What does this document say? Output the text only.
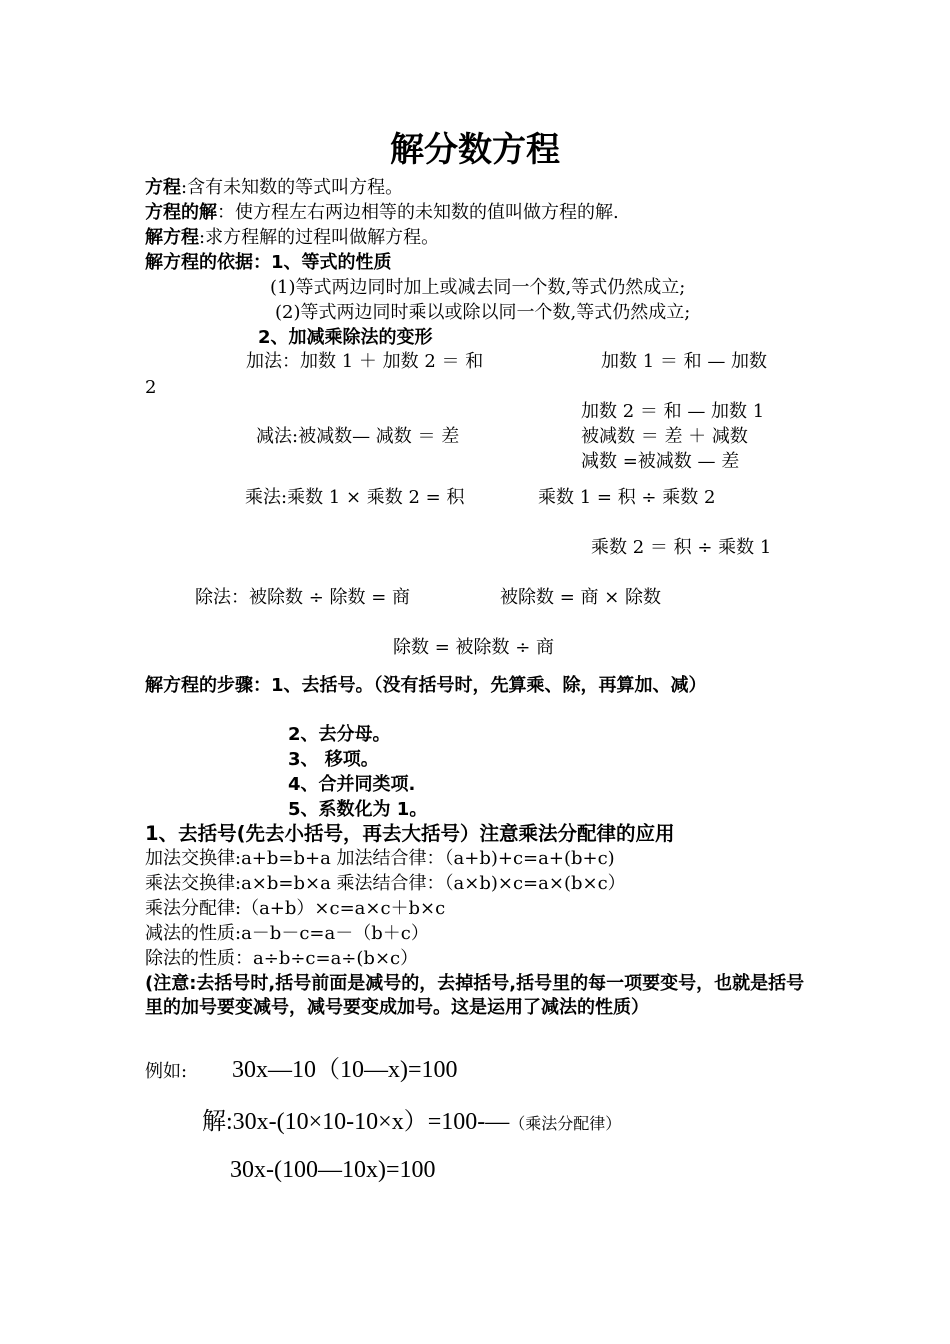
解分数方程
方程:含有未知数的等式叫方程。
方程的解：使方程左右两边相等的未知数的值叫做方程的解.
解方程:求方程解的过程叫做解方程。
解方程的依据：1、等式的性质
(1)等式两边同时加上或减去同一个数,等式仍然成立;
(2)等式两边同时乘以或除以同一个数,等式仍然成立;
2、加减乘除法的变形
加法：加数 1 ＋ 加数 2 ＝ 和	加数 1 ＝ 和 — 加数
2
加数 2 ＝ 和 — 加数 1
减法:被减数— 减数 ＝ 差	被减数 ＝ 差 ＋ 减数
减数 =被减数 — 差
乘法:乘数 1 × 乘数 2 = 积	乘数 1 = 积 ÷ 乘数 2
乘数 2 ＝ 积 ÷ 乘数 1
除法：被除数 ÷ 除数 = 商	被除数 = 商 × 除数
除数 = 被除数 ÷ 商
解方程的步骤：1、去括号。（没有括号时，先算乘、除，再算加、减）
2、去分母。
3、 移项。
4、合并同类项.
5、系数化为 1。
1、去括号(先去小括号，再去大括号）注意乘法分配律的应用
加法交换律:a+b=b+a 加法结合律：（a+b)+c=a+(b+c)
乘法交换律:a×b=b×a 乘法结合律：（a×b)×c=a×(b×c）
乘法分配律:（a+b）×c=a×c＋b×c
减法的性质:a－b－c=a－（b＋c）
除法的性质：a÷b÷c=a÷(b×c）
(注意:去括号时,括号前面是减号的，去掉括号,括号里的每一项要变号，也就是括号里的加号要变减号，减号要变成加号。这是运用了减法的性质）
例如: 30x—10（10—x)=100
解:30x-(10×10-10×x）=100-—（乘法分配律）
30x-(100—10x)=100
